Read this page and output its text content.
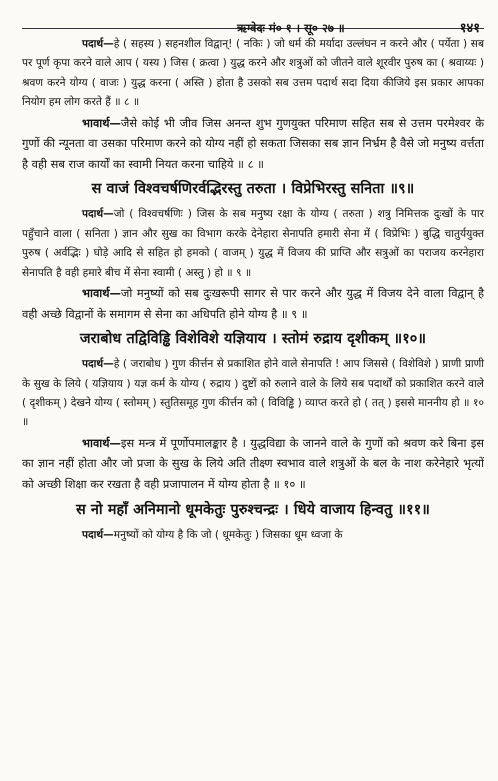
ऋग्वेदः मं० १ । सू० २७ ॥	१४१

पदार्थ—हे ( सहस्य ) सहनशील विद्वान्! ( नकिः ) जो धर्म की मर्यादा उल्लंघन न करने और ( पर्येता ) सब पर पूर्ण कृपा करने वाले आप ( यस्य ) जिस ( क्रत्वा ) युद्ध करने और शत्रुओं को जीतने वाले शूरवीर पुरुष का ( श्रवाय्यः ) श्रवण करने योग्य ( वाजः ) युद्ध करना ( अस्ति ) होता है उसको सब उत्तम पदार्थ सदा दिया कीजिये इस प्रकार आपका नियोग हम लोग करते हैं ॥ ८ ॥

भावार्थ—जैसे कोई भी जीव जिस अनन्त शुभ गुणयुक्त परिमाण सहित सब से उत्तम परमेश्वर के गुणों की न्यूनता वा उसका परिमाण करने को योग्य नहीं हो सकता जिसका सब ज्ञान निर्भ्रम है वैसे जो मनुष्य वर्त्तता है वही सब राज कार्यों का स्वामी नियत करना चाहिये ॥ ८ ॥

स वाजं विश्वचर्षणिरर्वद्भिरस्तु तरुता । विप्रेभिरस्तु सनिता ॥९॥

पदार्थ—जो ( विश्वचर्षणिः ) जिस के सब मनुष्य रक्षा के योग्य ( तरुता ) शत्रु निमित्तक दुःखों के पार पहुँचाने वाला ( सनिता ) ज्ञान और सुख का विभाग करके देनेहारा सेनापति हमारी सेना में ( विप्रेभिः ) बुद्धि चातुर्ययुक्त पुरुष ( अर्वद्भिः ) घोड़े आदि से सहित हो हमको ( वाजम् ) युद्ध में विजय की प्राप्ति और सत्रुओं का पराजय करनेहारा सेनापति है वही हमारे बीच में सेना स्वामी ( अस्तु ) हो ॥ ९ ॥

भावार्थ—जो मनुष्यों को सब दुःखरूपी सागर से पार करने और युद्ध में विजय देने वाला विद्वान् है वही अच्छे विद्वानों के समागम से सेना का अधिपति होने योग्य है ॥ ९ ॥

जराबोध तद्विविड्ढि विशेविशे यज्ञियाय । स्तोमं रुद्राय दृशीकम् ॥१०॥

पदार्थ—हे ( जराबोध ) गुण कीर्त्तन से प्रकाशित होने वाले सेनापति ! आप जिससे ( विशेविशे ) प्राणी प्राणी के सुख के लिये ( यज्ञियाय ) यज्ञ कर्म के योग्य ( रुद्राय ) दुष्टों को रुलाने वाले के लिये सब पदार्थों को प्रकाशित करने वाले ( दृशीकम् ) देखने योग्य ( स्तोमम् ) स्तुतिसमूह गुण कीर्त्तन को ( विविड्ढि ) व्याप्त करते हो ( तत् ) इससे माननीय हो ॥ १० ॥

भावार्थ—इस मन्त्र में पूर्णोपमालङ्कार है । युद्धविद्या के जानने वाले के गुणों को श्रवण करे बिना इस का ज्ञान नहीं होता और जो प्रजा के सुख के लिये अति तीक्ष्ण स्वभाव वाले शत्रुओं के बल के नाश करेनेहारे भृत्यों को अच्छी शिक्षा कर रखता है वही प्रजापालन में योग्य होता है ॥ १० ॥

स नो महाँ अनिमानो धूमकेतुः पुरुश्चन्द्रः । धिये वाजाय हिन्वतु ॥११॥

पदार्थ—मनुष्यों को योग्य है कि जो ( धूमकेतुः ) जिसका धूम ध्वजा के
